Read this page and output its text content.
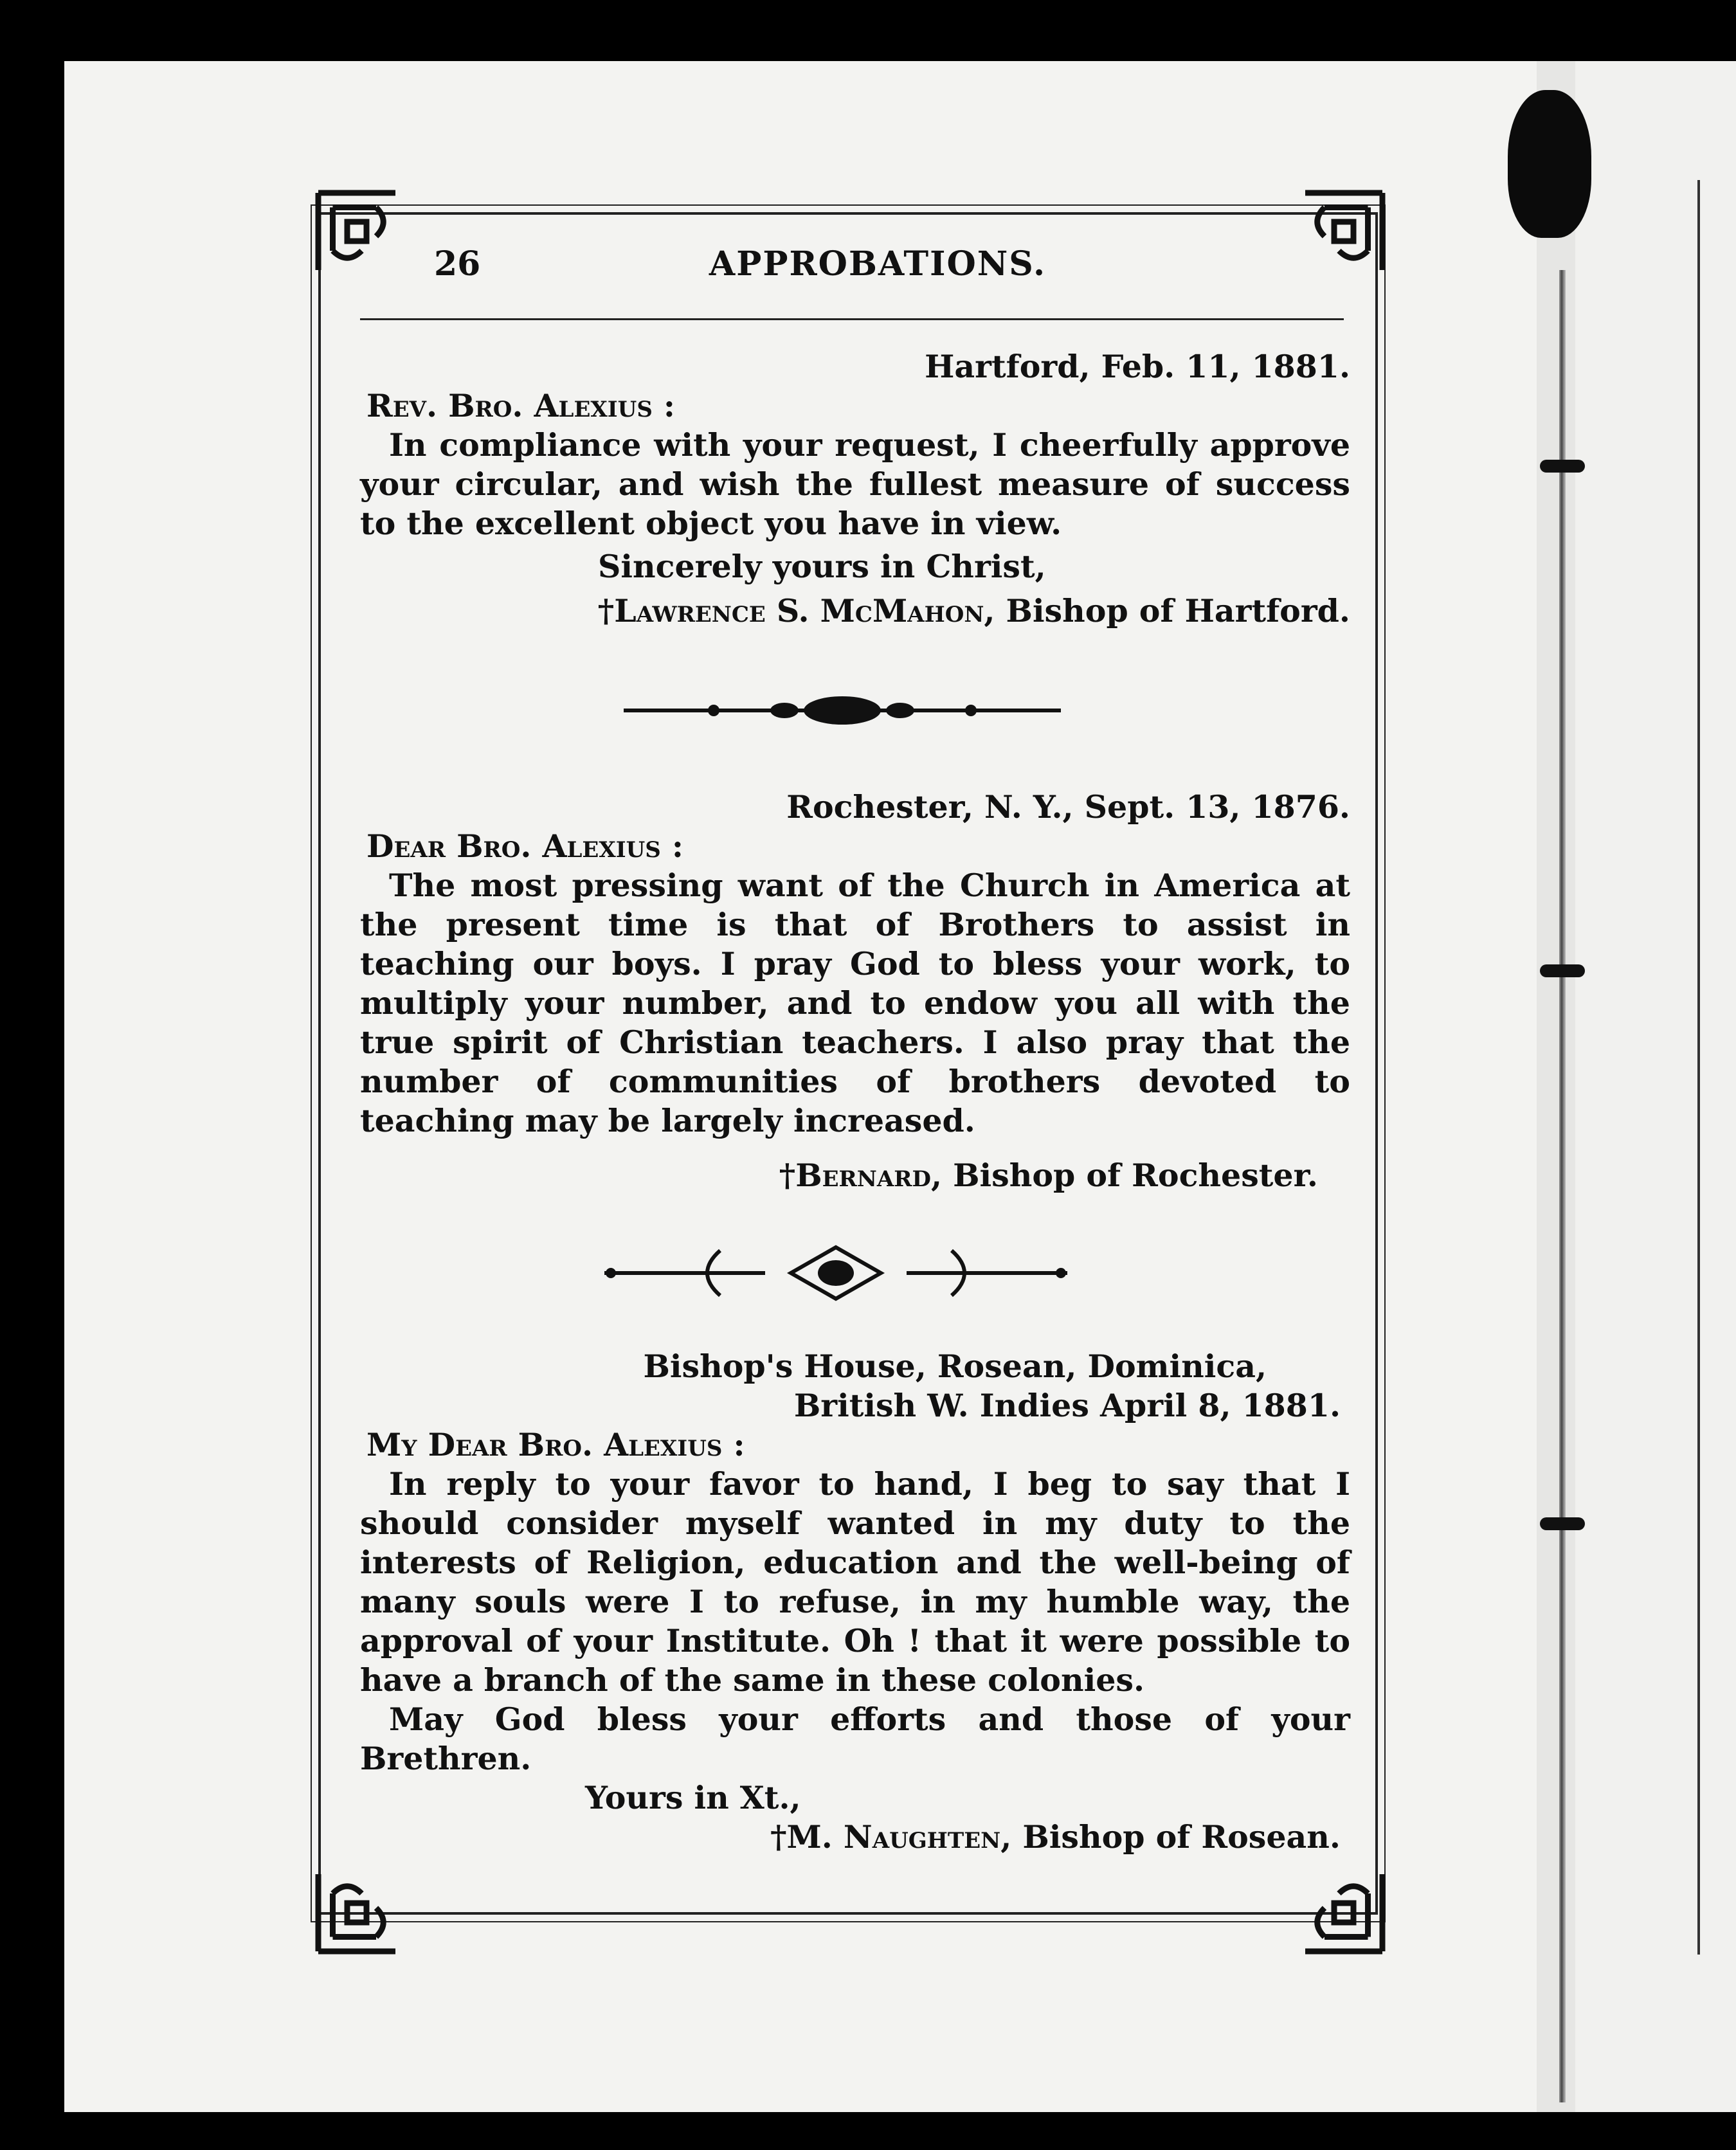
26	APPROBATIONS.
Hartford, Feb. 11, 1881.
Rev. Bro. Alexius :
In compliance with your request, I cheerfully approve your circular, and wish the fullest measure of success to the excellent object you have in view.
Sincerely yours in Christ,
†Lawrence S. McMahon, Bishop of Hartford.
Rochester, N. Y., Sept. 13, 1876.
Dear Bro. Alexius :
The most pressing want of the Church in America at the present time is that of Brothers to assist in teaching our boys. I pray God to bless your work, to multiply your number, and to endow you all with the true spirit of Christian teachers. I also pray that the number of communities of brothers devoted to teaching may be largely increased.
†Bernard, Bishop of Rochester.
Bishop's House, Rosean, Dominica,
British W. Indies April 8, 1881.
My Dear Bro. Alexius :
In reply to your favor to hand, I beg to say that I should consider myself wanted in my duty to the interests of Religion, education and the well-being of many souls were I to refuse, in my humble way, the approval of your Institute. Oh ! that it were possible to have a branch of the same in these colonies.
May God bless your efforts and those of your Brethren.
Yours in Xt.,
†M. Naughten, Bishop of Rosean.
